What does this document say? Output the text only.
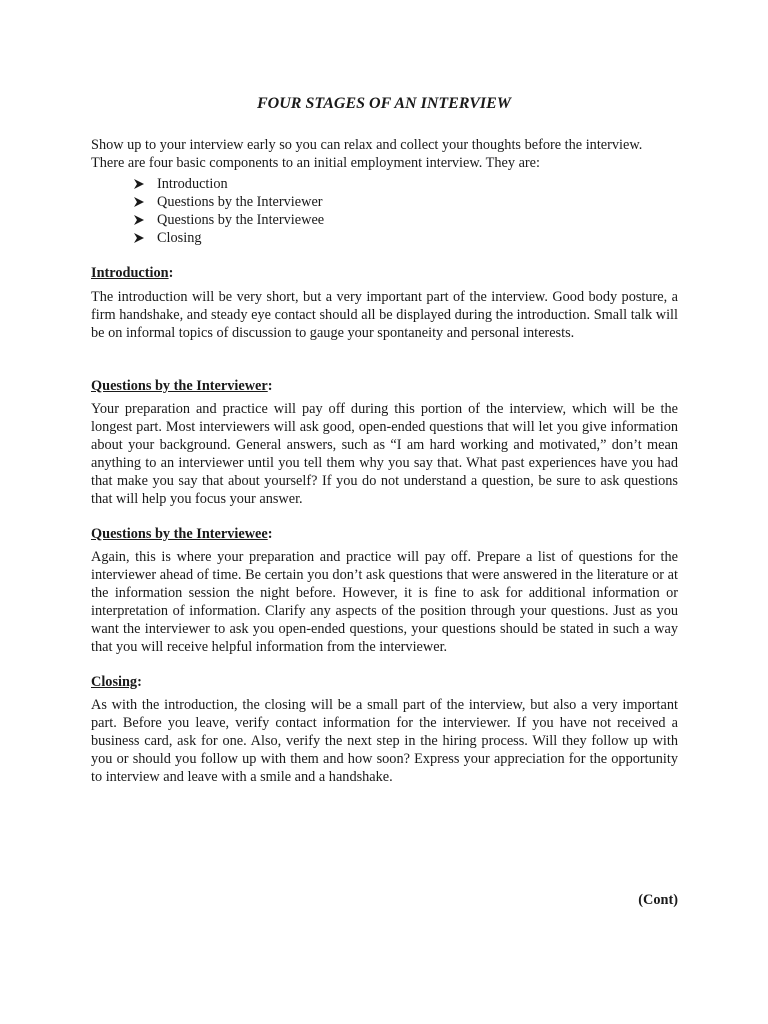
FOUR STAGES OF AN INTERVIEW

Show up to your interview early so you can relax and collect your thoughts before the interview. There are four basic components to an initial employment interview. They are:

Introduction
Questions by the Interviewer
Questions by the Interviewee
Closing

Introduction:

The introduction will be very short, but a very important part of the interview. Good body posture, a firm handshake, and steady eye contact should all be displayed during the introduction. Small talk will be on informal topics of discussion to gauge your spontaneity and personal interests.

Questions by the Interviewer:

Your preparation and practice will pay off during this portion of the interview, which will be the longest part. Most interviewers will ask good, open-ended questions that will let you give information about your background. General answers, such as “I am hard working and motivated,” don’t mean anything to an interviewer until you tell them why you say that. What past experiences have you had that make you say that about yourself? If you do not understand a question, be sure to ask questions that will help you focus your answer.

Questions by the Interviewee:

Again, this is where your preparation and practice will pay off. Prepare a list of questions for the interviewer ahead of time. Be certain you don’t ask questions that were answered in the literature or at the information session the night before. However, it is fine to ask for additional information or interpretation of information. Clarify any aspects of the position through your questions. Just as you want the interviewer to ask you open-ended questions, your questions should be stated in such a way that you will receive helpful information from the interviewer.

Closing:

As with the introduction, the closing will be a small part of the interview, but also a very important part. Before you leave, verify contact information for the interviewer. If you have not received a business card, ask for one. Also, verify the next step in the hiring process. Will they follow up with you or should you follow up with them and how soon? Express your appreciation for the opportunity to interview and leave with a smile and a handshake.

(Cont)
